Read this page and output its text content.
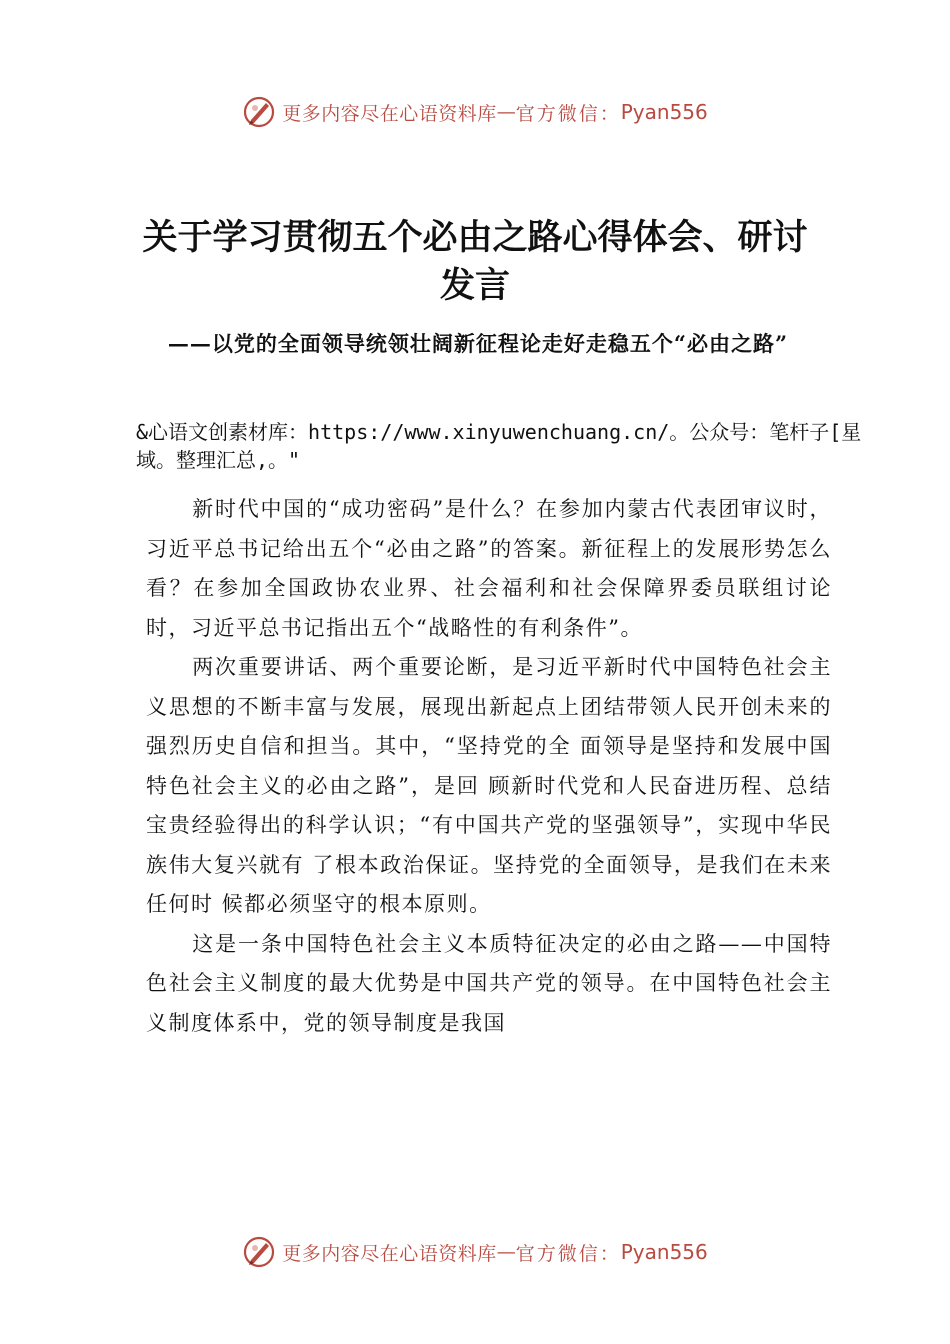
更多内容尽在心语资料库 — 官方微信： Pyan556
关于学习贯彻五个必由之路心得体会、研讨发言
——以党的全面领导统领壮阔新征程论走好走稳五个“必由之路”
&心语文创素材库：https://www.xinyuwenchuang.cn/。公众号：笔杆子[星域。整理汇总,。"

新时代中国的“成功密码”是什么？在参加内蒙古代表团审议时，习近平总书记给出五个“必由之路”的答案。新征程上的发展形势怎么看？在参加全国政协农业界、社会福利和社会保障界委员联组讨论时，习近平总书记指出五个“战略性的有利条件”。

两次重要讲话、两个重要论断，是习近平新时代中国特色社会主义思想的不断丰富与发展，展现出新起点上团结带领人民开创未来的强烈历史自信和担当。其中，“坚持党的全 面领导是坚持和发展中国特色社会主义的必由之路”，是回 顾新时代党和人民奋进历程、总结宝贵经验得出的科学认识；“有中国共产党的坚强领导”，实现中华民族伟大复兴就有 了根本政治保证。坚持党的全面领导，是我们在未来任何时 候都必须坚守的根本原则。

这是一条中国特色社会主义本质特征决定的必由之路——中国特色社会主义制度的最大优势是中国共产党的领导。在中国特色社会主义制度体系中，党的领导制度是我国

更多内容尽在心语资料库 — 官方微信： Pyan556
